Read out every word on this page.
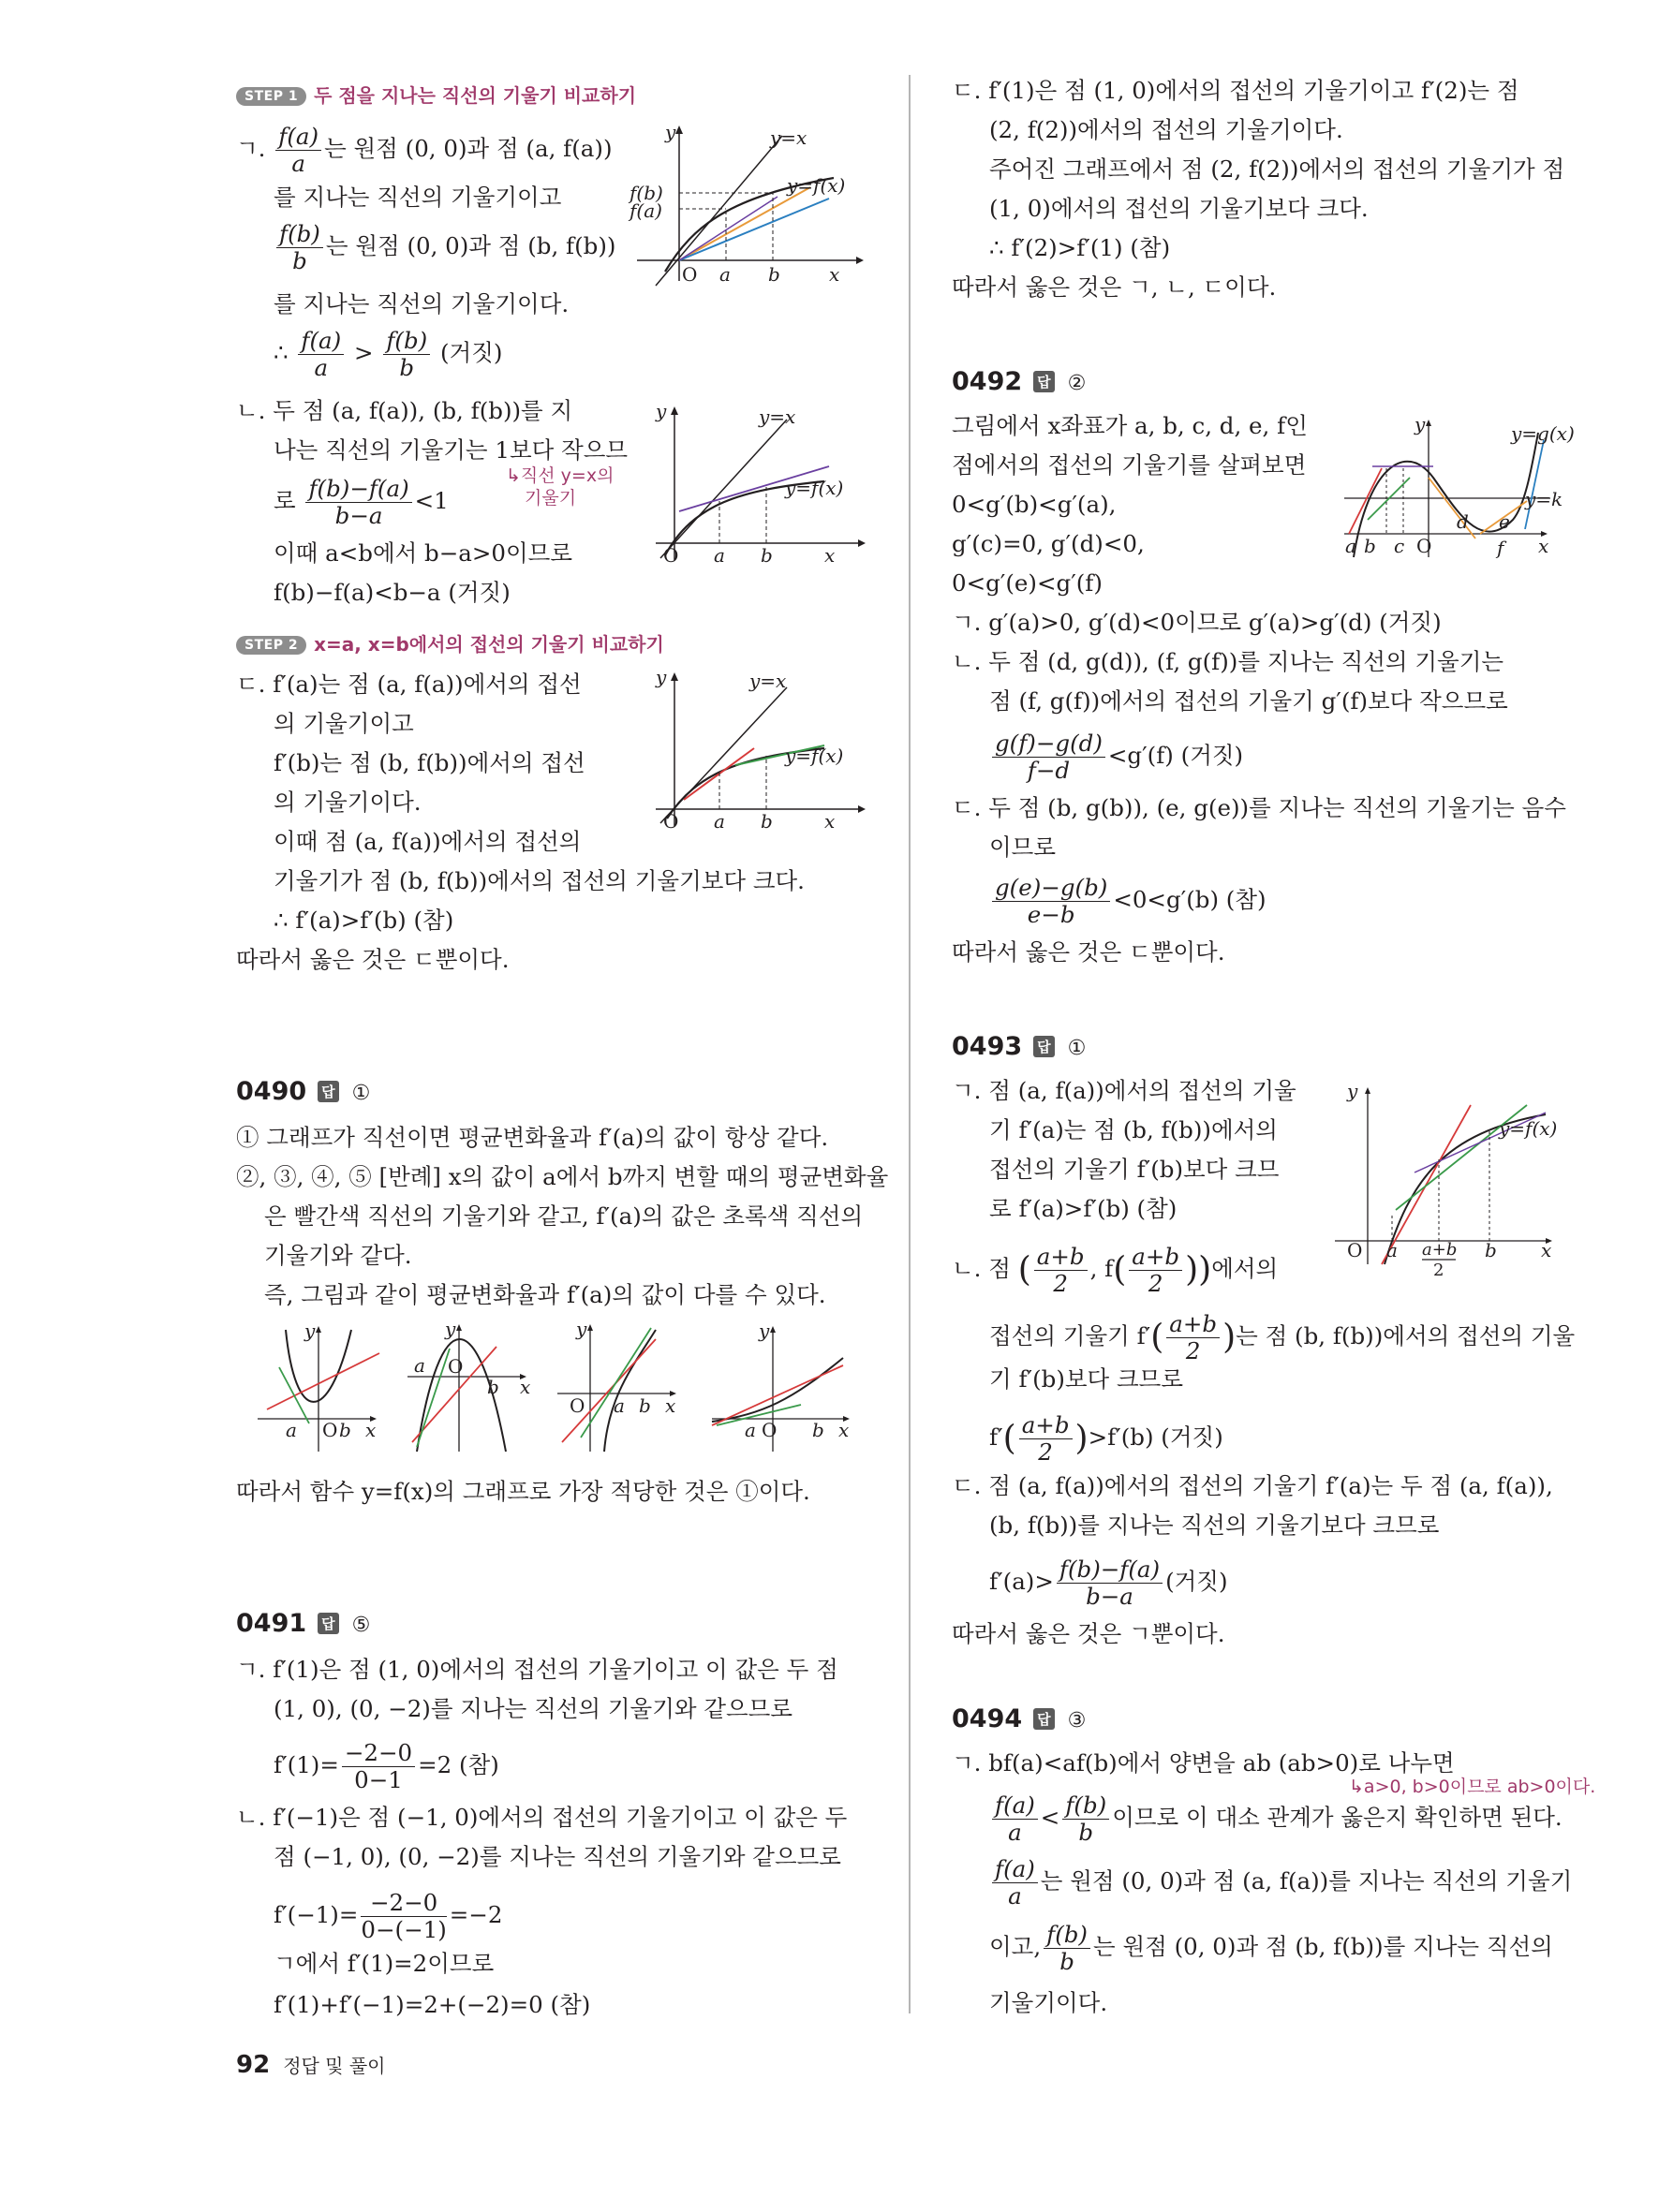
STEP 1 두 점을 지나는 직선의 기울기 비교하기
ㄱ. $\frac{f(a)}{a}$ 는 원점 (0, 0)과 점 (a, f(a))
를 지나는 직선의 기울기이고
$\frac{f(b)}{b}$ 는 원점 (0, 0)과 점 (b, f(b))
를 지나는 직선의 기울기이다.
∴ $\frac{f(a)}{a} > \frac{f(b)}{b}$ (거짓)
ㄴ. 두 점 (a, f(a)), (b, f(b))를 지
나는 직선의 기울기는 1보다 작으므
↳직선 y=x의
기울기
로 $\frac{f(b)-f(a)}{b-a} <1$
이때 a<b에서 b−a>0이므로
f(b)−f(a)<b−a (거짓)
STEP 2 x=a, x=b에서의 접선의 기울기 비교하기
ㄷ. f′(a)는 점 (a, f(a))에서의 접선
의 기울기이고
f′(b)는 점 (b, f(b))에서의 접선
의 기울기이다.
이때 점 (a, f(a))에서의 접선의
기울기가 점 (b, f(b))에서의 접선의 기울기보다 크다.
∴ f′(a)>f′(b) (참)
따라서 옳은 것은 ㄷ뿐이다.
0490 답 ①
① 그래프가 직선이면 평균변화율과 f′(a)의 값이 항상 같다.
②, ③, ④, ⑤ [반례] x의 값이 a에서 b까지 변할 때의 평균변화율
은 빨간색 직선의 기울기와 같고, f′(a)의 값은 초록색 직선의
기울기와 같다.
즉, 그림과 같이 평균변화율과 f′(a)의 값이 다를 수 있다.
따라서 함수 y=f(x)의 그래프로 가장 적당한 것은 ①이다.
0491 답 ⑤
ㄱ. f′(1)은 점 (1, 0)에서의 접선의 기울기이고 이 값은 두 점
(1, 0), (0, −2)를 지나는 직선의 기울기와 같으므로
$f'(1)= \frac{-2-0}{0-1} =2$ (참)
ㄴ. f′(−1)은 점 (−1, 0)에서의 접선의 기울기이고 이 값은 두
점 (−1, 0), (0, −2)를 지나는 직선의 기울기와 같으므로
$f'(-1)= \frac{-2-0}{0-(-1)} =-2$
ㄱ에서 f′(1)=2이므로
f′(1)+f′(−1)=2+(−2)=0 (참)
y	y=x
y=f(x)
f(b)
f(a)
O a b	x
y	y=x
y=f(x)
O a b	x
y	y=x
y=f(x)
O a b	x
y
a O b x
y
a O
b x
y
O a b x
y
a O b x
ㄷ. f′(1)은 점 (1, 0)에서의 접선의 기울기이고 f′(2)는 점
(2, f(2))에서의 접선의 기울기이다.
주어진 그래프에서 점 (2, f(2))에서의 접선의 기울기가 점
(1, 0)에서의 접선의 기울기보다 크다.
∴ f′(2)>f′(1) (참)
따라서 옳은 것은 ㄱ, ㄴ, ㄷ이다.
0492 답 ②
그림에서 x좌표가 a, b, c, d, e, f인
점에서의 접선의 기울기를 살펴보면
0<g′(b)<g′(a),
g′(c)=0, g′(d)<0,
0<g′(e)<g′(f)
ㄱ. g′(a)>0, g′(d)<0이므로 g′(a)>g′(d) (거짓)
ㄴ. 두 점 (d, g(d)), (f, g(f))를 지나는 직선의 기울기는
점 (f, g(f))에서의 접선의 기울기 g′(f)보다 작으므로
$\frac{g(f)-g(d)}{f-d} <g'(f)$ (거짓)
ㄷ. 두 점 (b, g(b)), (e, g(e))를 지나는 직선의 기울기는 음수
이므로
$\frac{g(e)-g(b)}{e-b} <0<g'(b)$ (참)
따라서 옳은 것은 ㄷ뿐이다.
0493 답 ①
ㄱ. 점 (a, f(a))에서의 접선의 기울
기 f′(a)는 점 (b, f(b))에서의
접선의 기울기 f′(b)보다 크므
로 f′(a)>f′(b) (참)
ㄴ. 점 ( $\frac{a+b}{2}$ , $f( \frac{a+b}{2}$ ))에서의
접선의 기울기 $f'( \frac{a+b}{2}$ )는 점 (b, f(b))에서의 접선의 기울
기 f′(b)보다 크므로
$f'( \frac{a+b}{2} )>f'(b)$ (거짓)
ㄷ. 점 (a, f(a))에서의 접선의 기울기 f′(a)는 두 점 (a, f(a)),
(b, f(b))를 지나는 직선의 기울기보다 크므로
$f'(a)> \frac{f(b)-f(a)}{b-a}$ (거짓)
따라서 옳은 것은 ㄱ뿐이다.
0494 답 ③
ㄱ. bf(a)<af(b)에서 양변을 ab (ab>0)로 나누면
↳a>0, b>0이므로 ab>0이다.
$\frac{f(a)}{a} < \frac{f(b)}{b}$ 이므로 이 대소 관계가 옳은지 확인하면 된다.
$\frac{f(a)}{a}$ 는 원점 (0, 0)과 점 (a, f(a))를 지나는 직선의 기울기
이고, $\frac{f(b)}{b}$ 는 원점 (0, 0)과 점 (b, f(b))를 지나는 직선의
기울기이다.
y	y=g(x)
y=k
a b c O
d e
f x
y
y=f(x)
O a a+b
2
b x
92 정답 및 풀이
